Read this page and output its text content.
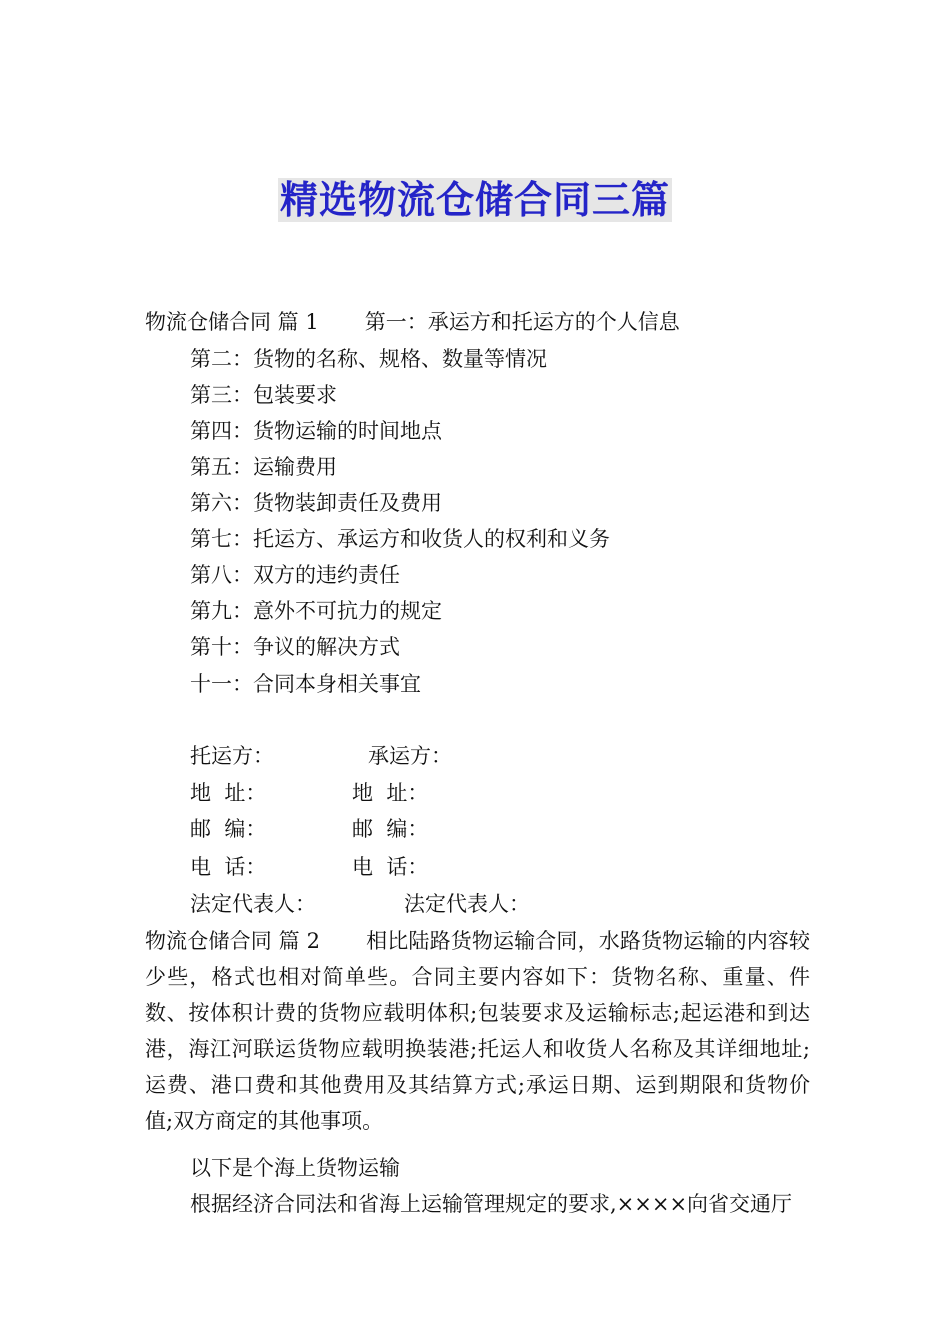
精选物流仓储合同三篇
物流仓储合同 篇 1 第一：承运方和托运方的个人信息
第二：货物的名称、规格、数量等情况
第三：包装要求
第四：货物运输的时间地点
第五：运输费用
第六：货物装卸责任及费用
第七：托运方、承运方和收货人的权利和义务
第八：双方的违约责任
第九：意外不可抗力的规定
第十：争议的解决方式
十一：合同本身相关事宜
托运方：	承运方：
地  址：	地  址：
邮  编：	邮  编：
电  话：	电  话：
法定代表人：	法定代表人：
物流仓储合同 篇 2 相比陆路货物运输合同，水路货物运输的内容较少些，格式也相对简单些。合同主要内容如下：货物名称、重量、件数、按体积计费的货物应载明体积;包装要求及运输标志;起运港和到达港，海江河联运货物应载明换装港;托运人和收货人名称及其详细地址;运费、港口费和其他费用及其结算方式;承运日期、运到期限和货物价值;双方商定的其他事项。
以下是个海上货物运输
根据经济合同法和省海上运输管理规定的要求,××××向省交通厅
